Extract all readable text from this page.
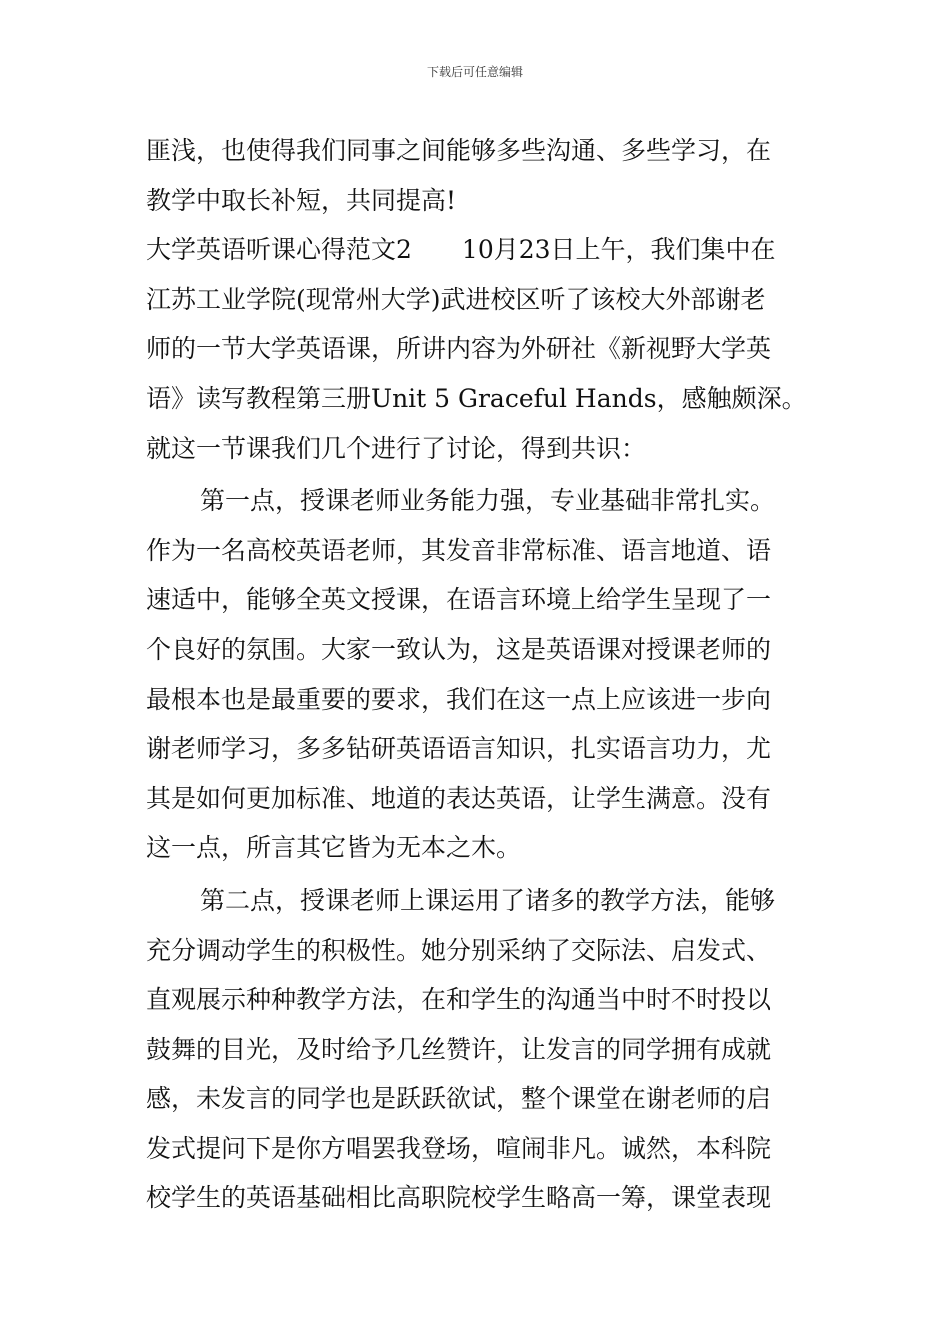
下载后可任意编辑
匪浅，也使得我们同事之间能够多些沟通、多些学习，在
教学中取长补短，共同提高!
大学英语听课心得范文2　　10月23日上午，我们集中在
江苏工业学院(现常州大学)武进校区听了该校大外部谢老
师的一节大学英语课，所讲内容为外研社《新视野大学英
语》读写教程第三册Unit 5 Graceful Hands，感触颇深。
就这一节课我们几个进行了讨论，得到共识：
第一点，授课老师业务能力强，专业基础非常扎实。
作为一名高校英语老师，其发音非常标准、语言地道、语
速适中，能够全英文授课，在语言环境上给学生呈现了一
个良好的氛围。大家一致认为，这是英语课对授课老师的
最根本也是最重要的要求，我们在这一点上应该进一步向
谢老师学习，多多钻研英语语言知识，扎实语言功力，尤
其是如何更加标准、地道的表达英语，让学生满意。没有
这一点，所言其它皆为无本之木。
第二点，授课老师上课运用了诸多的教学方法，能够
充分调动学生的积极性。她分别采纳了交际法、启发式、
直观展示种种教学方法，在和学生的沟通当中时不时投以
鼓舞的目光，及时给予几丝赞许，让发言的同学拥有成就
感，未发言的同学也是跃跃欲试，整个课堂在谢老师的启
发式提问下是你方唱罢我登场，喧闹非凡。诚然，本科院
校学生的英语基础相比高职院校学生略高一筹，课堂表现
